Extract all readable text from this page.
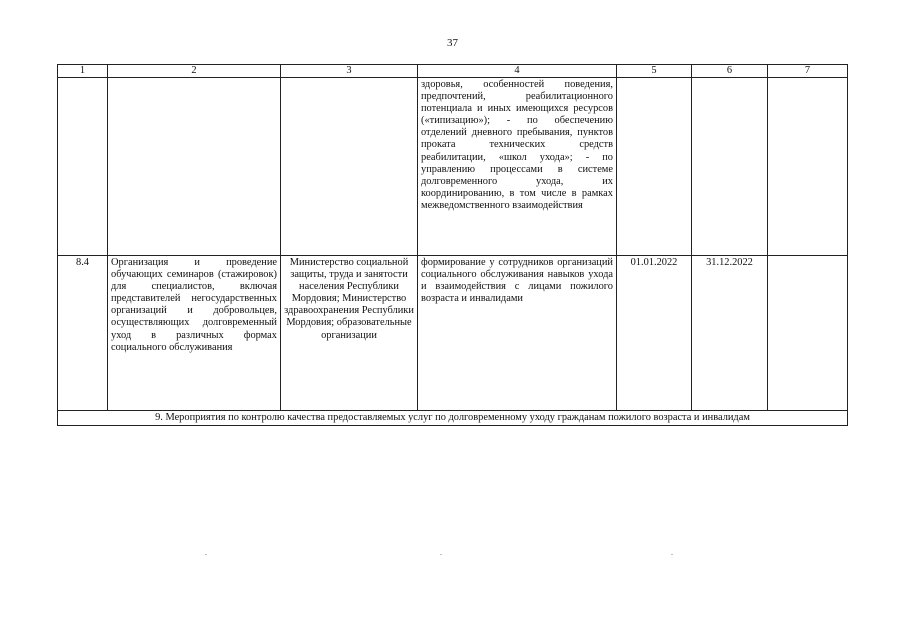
37
1	2	3	4	5	6	7
			здоровья, особенностей поведения, предпочтений, реабилитационного потенциала и иных имеющихся ресурсов («типизацию»); - по обеспечению отделений дневного пребывания, пунктов проката технических средств реабилитации, «школ ухода»; - по управлению процессами в системе долговременного ухода, их координированию, в том числе в рамках межведомственного взаимодействия			
8.4	Организация и проведение обучающих семинаров (стажировок) для специалистов, включая представителей негосударственных организаций и добровольцев, осуществляющих долговременный уход в различных формах социального обслуживания	Министерство социальной защиты, труда и занятости населения Республики Мордовия; Министерство здравоохранения Республики Мордовия; образовательные организации	формирование у сотрудников организаций социального обслуживания навыков ухода и взаимодействия с лицами пожилого возраста и инвалидами	01.01.2022	31.12.2022	
9. Мероприятия по контролю качества предоставляемых услуг по долговременному уходу гражданам пожилого возраста и инвалидам						
.	.	.
